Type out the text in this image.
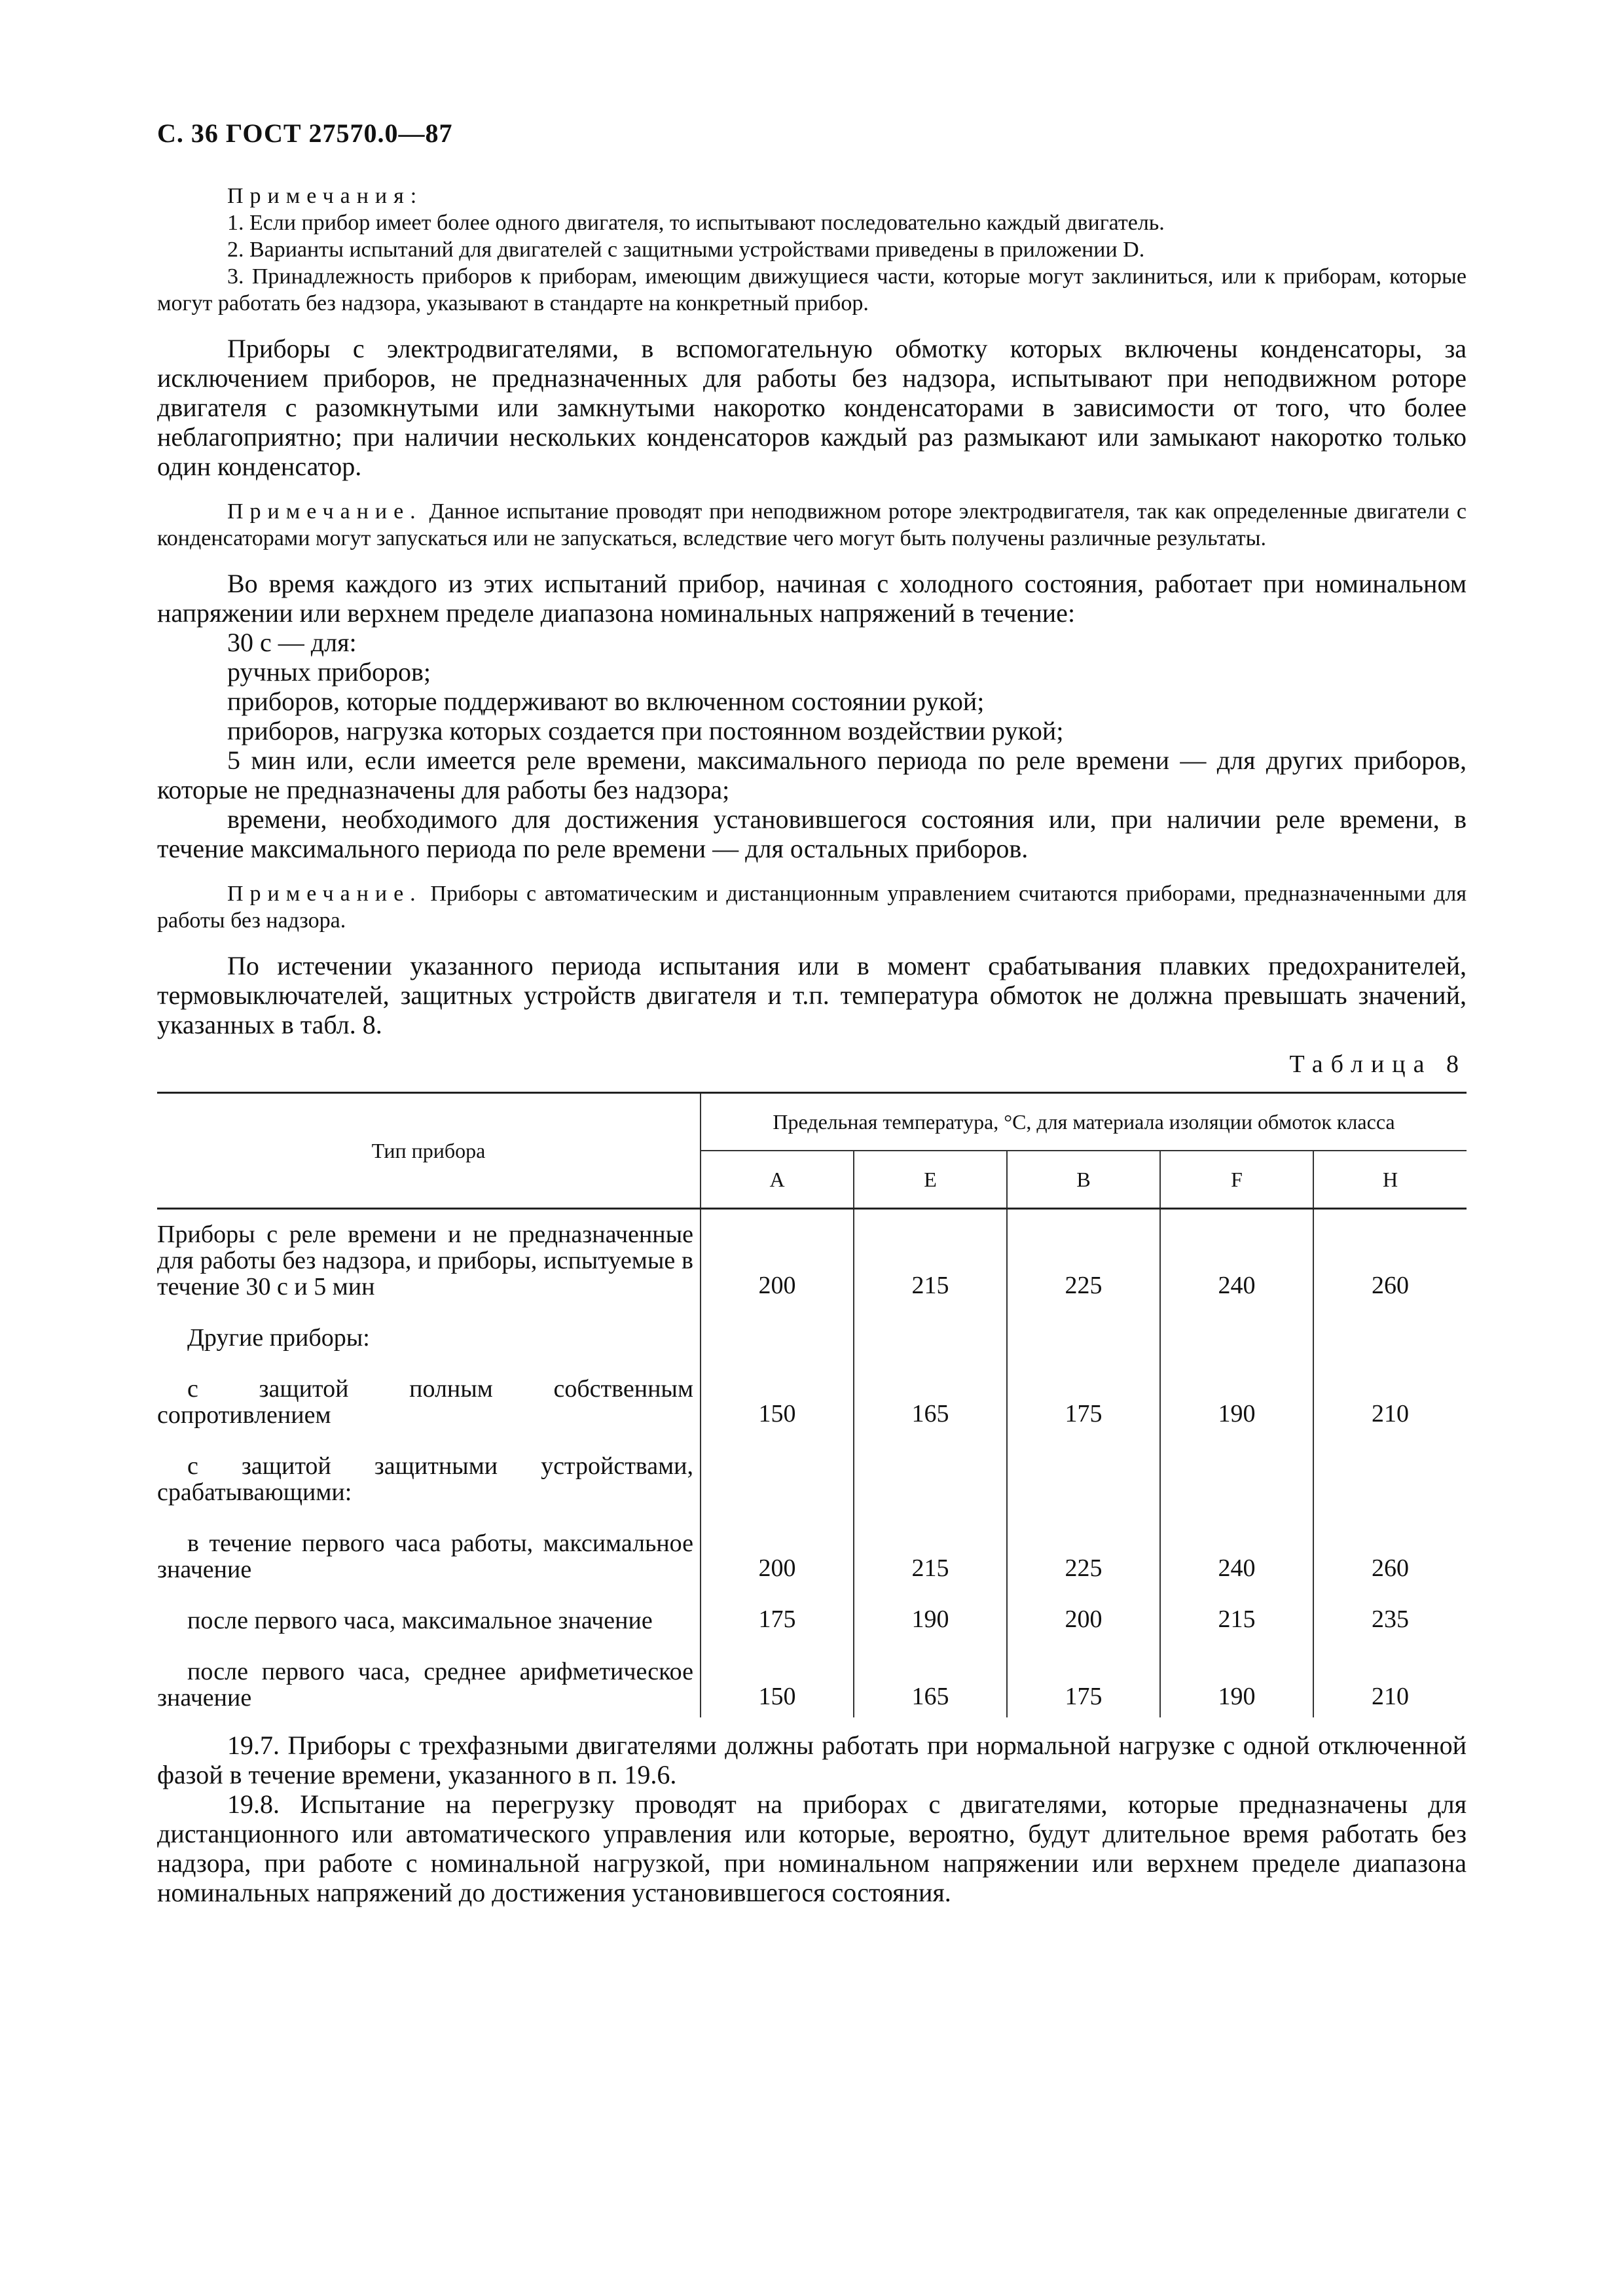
С. 36 ГОСТ 27570.0—87

Примечания:

1. Если прибор имеет более одного двигателя, то испытывают последовательно каждый двигатель.

2. Варианты испытаний для двигателей с защитными устройствами приведены в приложении D.

3. Принадлежность приборов к приборам, имеющим движущиеся части, которые могут заклиниться, или к приборам, которые могут работать без надзора, указывают в стандарте на конкретный прибор.

Приборы с электродвигателями, в вспомогательную обмотку которых включены конденсаторы, за исключением приборов, не предназначенных для работы без надзора, испытывают при неподвижном роторе двигателя с разомкнутыми или замкнутыми накоротко конденсаторами в зависимости от того, что более неблагоприятно; при наличии нескольких конденсаторов каждый раз размыкают или замыкают накоротко только один конденсатор.

Примечание. Данное испытание проводят при неподвижном роторе электродвигателя, так как определенные двигатели с конденсаторами могут запускаться или не запускаться, вследствие чего могут быть получены различные результаты.

Во время каждого из этих испытаний прибор, начиная с холодного состояния, работает при номинальном напряжении или верхнем пределе диапазона номинальных напряжений в течение:

30 с — для:

ручных приборов;

приборов, которые поддерживают во включенном состоянии рукой;

приборов, нагрузка которых создается при постоянном воздействии рукой;

5 мин или, если имеется реле времени, максимального периода по реле времени — для других приборов, которые не предназначены для работы без надзора;

времени, необходимого для достижения установившегося состояния или, при наличии реле времени, в течение максимального периода по реле времени — для остальных приборов.

Примечание. Приборы с автоматическим и дистанционным управлением считаются приборами, предназначенными для работы без надзора.

По истечении указанного периода испытания или в момент срабатывания плавких предохранителей, термовыключателей, защитных устройств двигателя и т.п. температура обмоток не должна превышать значений, указанных в табл. 8.

Таблица 8
Тип прибора	Предельная температура, °С, для материала изоляции обмоток класса				
	A	E	B	F	H
Приборы с реле времени и не предназначенные для работы без надзора, и приборы, испытуемые в течение 30 с и 5 мин	200	215	225	240	260
Другие приборы:					
с защитой полным собственным сопротивлением	150	165	175	190	210
с защитой защитными устройствами, срабатывающими:					
в течение первого часа работы, максимальное значение	200	215	225	240	260
после первого часа, максимальное значение	175	190	200	215	235
после первого часа, среднее арифметическое значение	150	165	175	190	210

19.7. Приборы с трехфазными двигателями должны работать при нормальной нагрузке с одной отключенной фазой в течение времени, указанного в п. 19.6.

19.8. Испытание на перегрузку проводят на приборах с двигателями, которые предназначены для дистанционного или автоматического управления или которые, вероятно, будут длительное время работать без надзора, при работе с номинальной нагрузкой, при номинальном напряжении или верхнем пределе диапазона номинальных напряжений до достижения установившегося состояния.
